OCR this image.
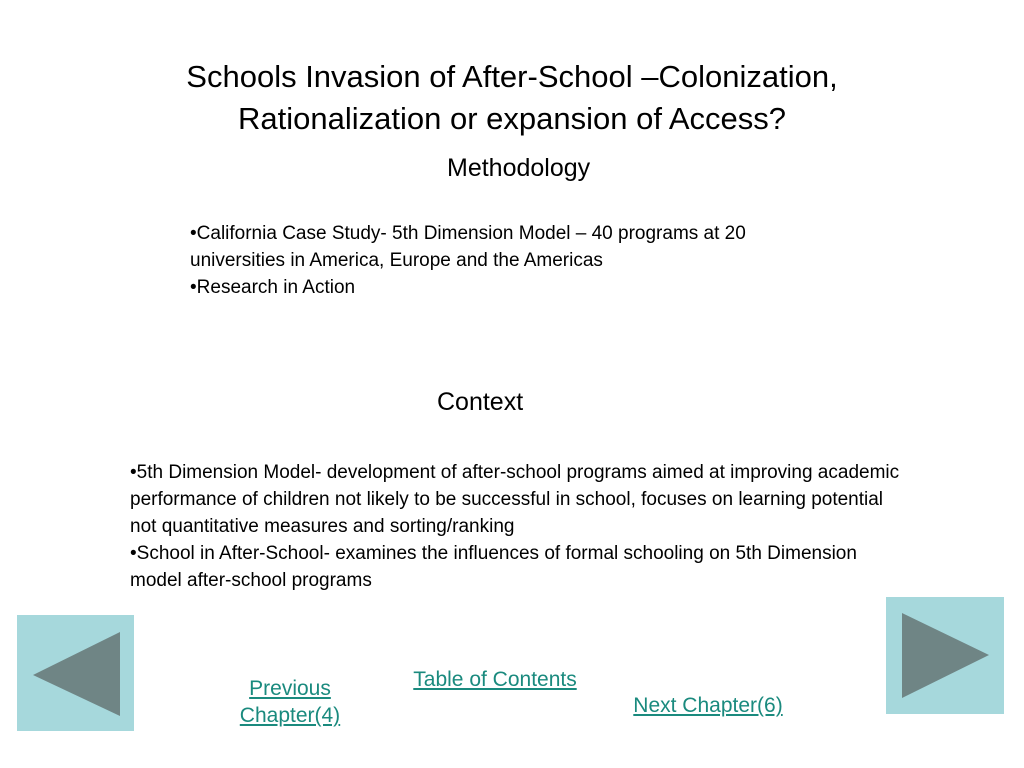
Schools Invasion of After-School –Colonization,
Rationalization or expansion of Access?
Methodology

•California Case Study- 5th Dimension Model – 40 programs at 20 universities in America, Europe and the Americas

•Research in Action

Context

•5th Dimension Model- development of after-school programs aimed at improving academic performance of children not likely to be successful in school, focuses on learning potential not quantitative measures and sorting/ranking

•School in After-School- examines the influences of formal schooling on 5th Dimension model after-school programs

Previous
Chapter(4)
Table of Contents
Next Chapter(6)
